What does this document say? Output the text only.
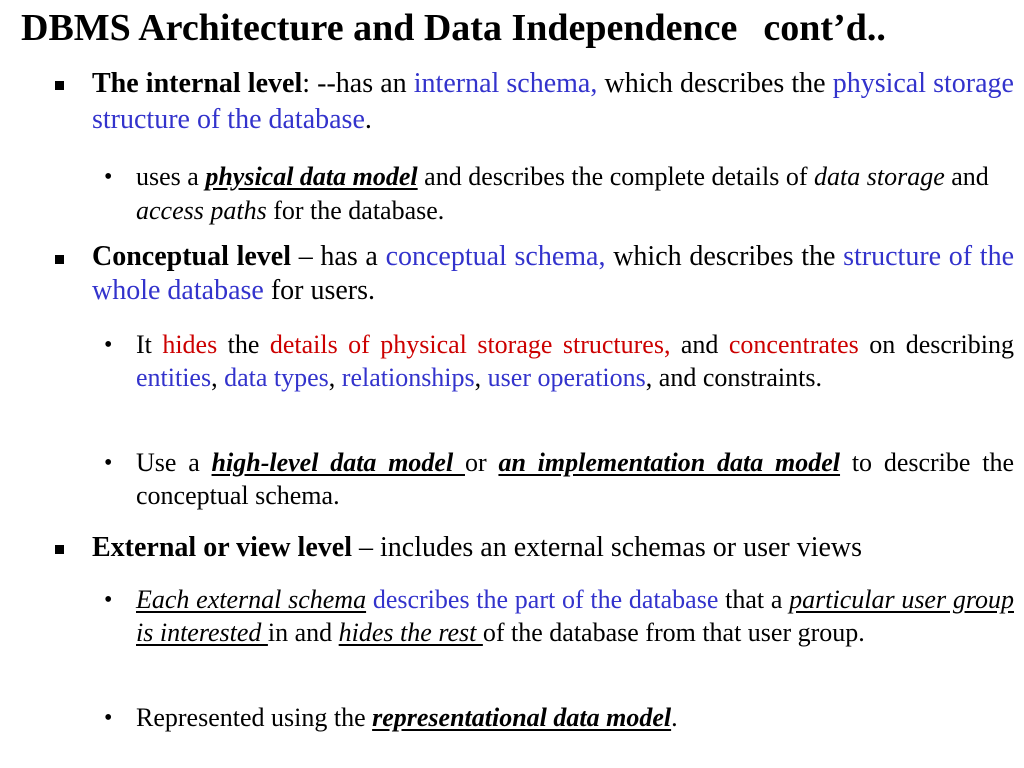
DBMS Architecture and Data Independence cont’d..
The internal level: --has an internal schema, which describes the physical storage structure of the database.
• uses a physical data model and describes the complete details of data storage and access paths for the database.
Conceptual level – has a conceptual schema, which describes the structure of the whole database for users.
• It hides the details of physical storage structures, and concentrates on describing entities, data types, relationships, user operations, and constraints.
• Use a high-level data model or an implementation data model to describe the conceptual schema.
External or view level – includes an external schemas or user views
• Each external schema describes the part of the database that a particular user group is interested in and hides the rest of the database from that user group.
• Represented using the representational data model.
